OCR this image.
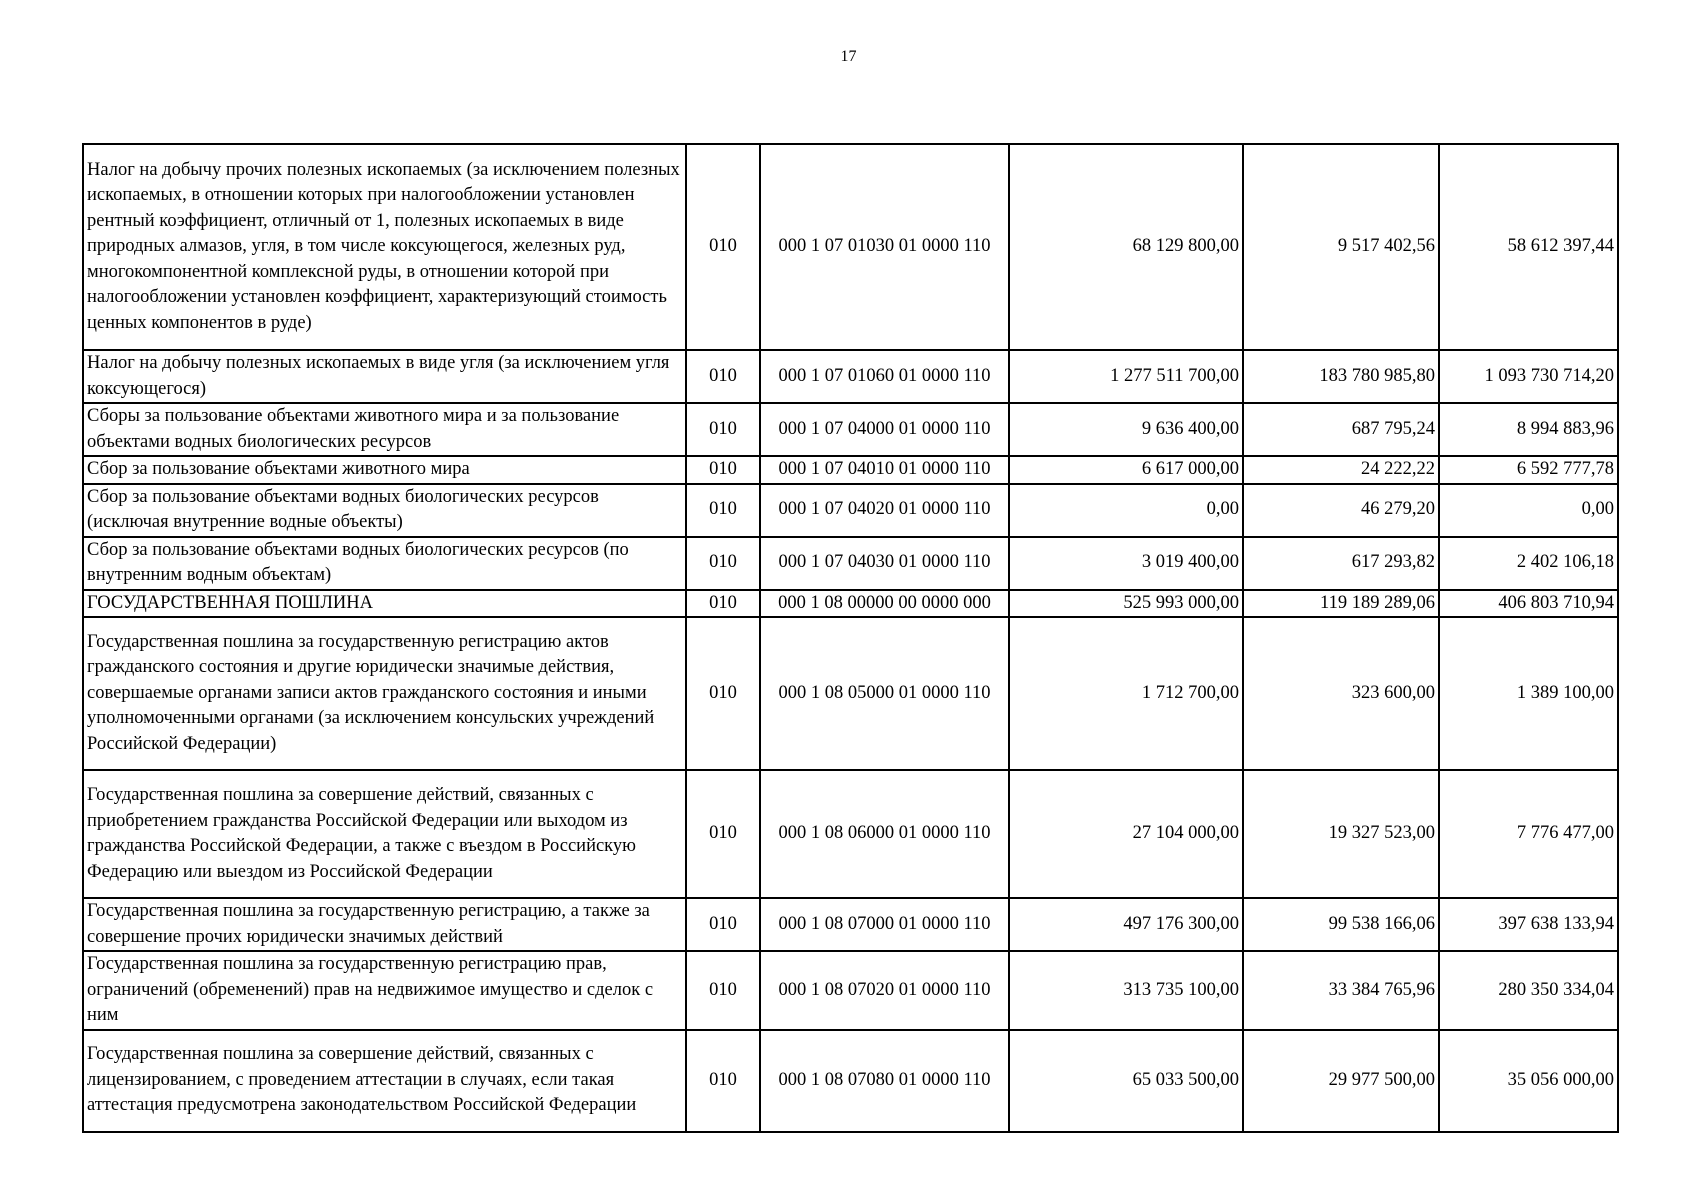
17
Налог на добычу прочих полезных ископаемых (за исключением полезных ископаемых, в отношении которых при налогообложении установлен рентный коэффициент, отличный от 1, полезных ископаемых в виде природных алмазов, угля, в том числе коксующегося, железных руд, многокомпонентной комплексной руды, в отношении которой при налогообложении установлен коэффициент, характеризующий стоимость ценных компонентов в руде)	010	000 1 07 01030 01 0000 110	68 129 800,00	9 517 402,56	58 612 397,44
Налог на добычу полезных ископаемых в виде угля (за исключением угля коксующегося)	010	000 1 07 01060 01 0000 110	1 277 511 700,00	183 780 985,80	1 093 730 714,20
Сборы за пользование объектами животного мира и за пользование объектами водных биологических ресурсов	010	000 1 07 04000 01 0000 110	9 636 400,00	687 795,24	8 994 883,96
Сбор за пользование объектами животного мира	010	000 1 07 04010 01 0000 110	6 617 000,00	24 222,22	6 592 777,78
Сбор за пользование объектами водных биологических ресурсов (исключая внутренние водные объекты)	010	000 1 07 04020 01 0000 110	0,00	46 279,20	0,00
Сбор за пользование объектами водных биологических ресурсов (по внутренним водным объектам)	010	000 1 07 04030 01 0000 110	3 019 400,00	617 293,82	2 402 106,18
ГОСУДАРСТВЕННАЯ ПОШЛИНА	010	000 1 08 00000 00 0000 000	525 993 000,00	119 189 289,06	406 803 710,94
Государственная пошлина за государственную регистрацию актов гражданского состояния и другие юридически значимые действия, совершаемые органами записи актов гражданского состояния и иными уполномоченными органами (за исключением консульских учреждений Российской Федерации)	010	000 1 08 05000 01 0000 110	1 712 700,00	323 600,00	1 389 100,00
Государственная пошлина за совершение действий, связанных с приобретением гражданства Российской Федерации или выходом из гражданства Российской Федерации, а также с въездом в Российскую Федерацию или выездом из Российской Федерации	010	000 1 08 06000 01 0000 110	27 104 000,00	19 327 523,00	7 776 477,00
Государственная пошлина за государственную регистрацию, а также за совершение прочих юридически значимых действий	010	000 1 08 07000 01 0000 110	497 176 300,00	99 538 166,06	397 638 133,94
Государственная пошлина за государственную регистрацию прав, ограничений (обременений) прав на недвижимое имущество и сделок с ним	010	000 1 08 07020 01 0000 110	313 735 100,00	33 384 765,96	280 350 334,04
Государственная пошлина за совершение действий, связанных с лицензированием, с проведением аттестации в случаях, если такая аттестация предусмотрена законодательством Российской Федерации	010	000 1 08 07080 01 0000 110	65 033 500,00	29 977 500,00	35 056 000,00
